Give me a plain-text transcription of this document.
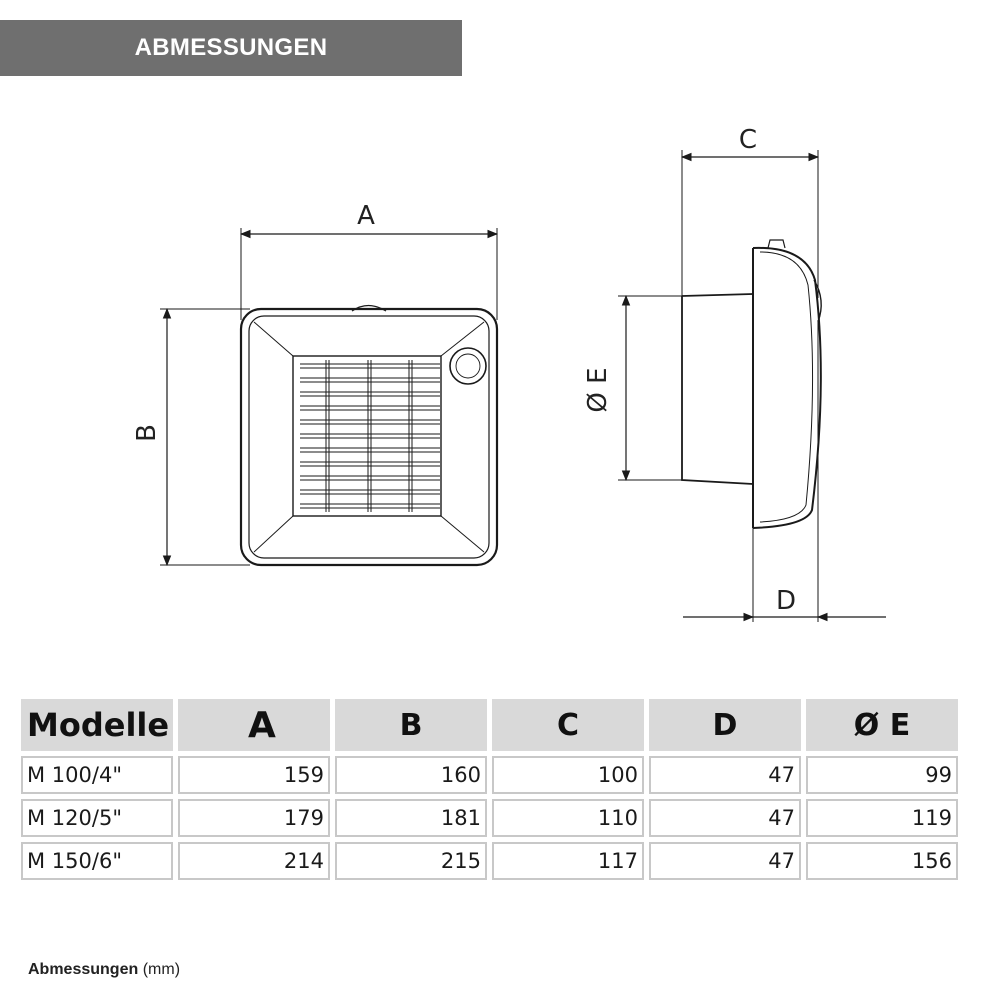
ABMESSUNGEN
A
B
C
Ø E
D
Modelle	A	B	C	D	Ø E
M 100/4"	159	160	100	47	99
M 120/5"	179	181	110	47	119
M 150/6"	214	215	117	47	156
Abmessungen (mm)
